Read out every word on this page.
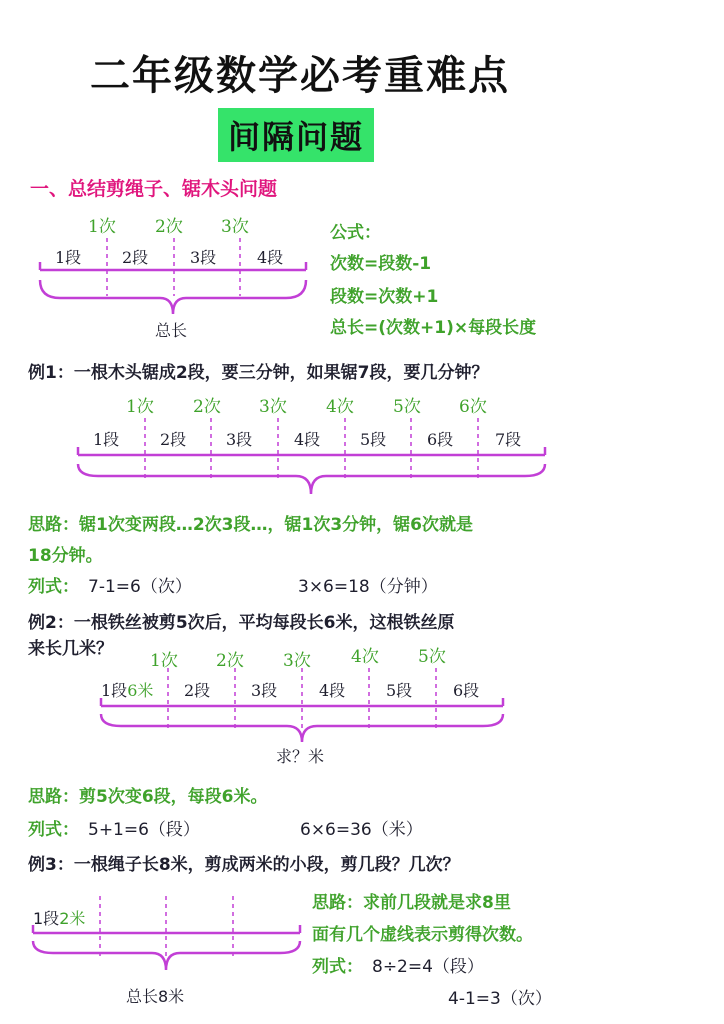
二年级数学必考重难点
间隔问题
一、总结剪绳子、锯木头问题
1次 2次 3次
1段	2段	3段	4段
总长
公式：
次数=段数-1
段数=次数+1
总长=(次数+1)×每段长度
例1：一根木头锯成2段，要三分钟，如果锯7段，要几分钟？
1次 2次 3次 4次 5次 6次
1段	2段 3段	4段 5段	6段	7段
思路：锯1次变两段…2次3段…，锯1次3分钟，锯6次就是
18分钟。
列式： 7-1=6（次）	3×6=18（分钟）
例2：一根铁丝被剪5次后，平均每段长6米，这根铁丝原
来长几米？
1次 2次 3次 4次 5次
1段6米 2段	3段	4段	5段	6段
求？米
思路：剪5次变6段，每段6米。
列式： 5+1=6（段）	6×6=36（米）
例3：一根绳子长8米，剪成两米的小段，剪几段？几次？
1段2米
总长8米
思路：求前几段就是求8里
面有几个虚线表示剪得次数。
列式： 8÷2=4（段）
4-1=3（次）
